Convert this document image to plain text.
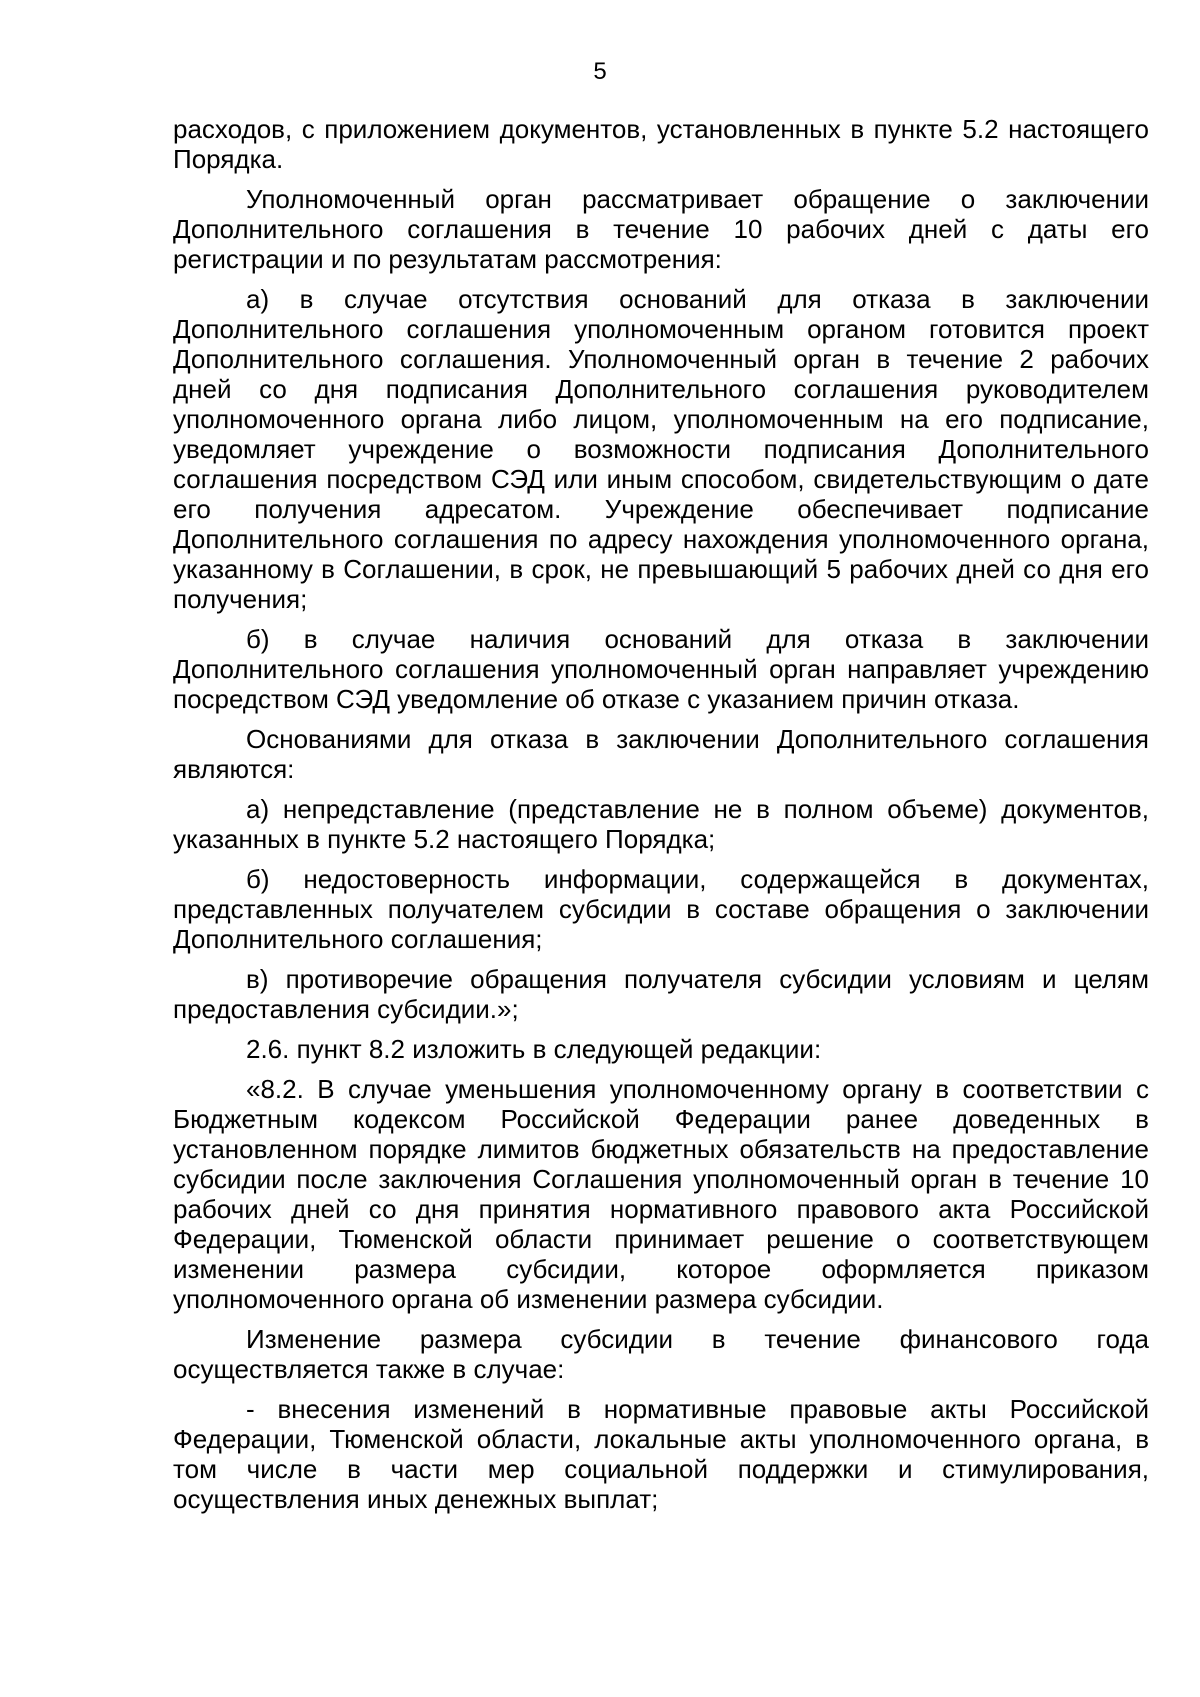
5

расходов, с приложением документов, установленных в пункте 5.2 настоящего Порядка.

Уполномоченный орган рассматривает обращение о заключении Дополнительного соглашения в течение 10 рабочих дней с даты его регистрации и по результатам рассмотрения:

а) в случае отсутствия оснований для отказа в заключении Дополнительного соглашения уполномоченным органом готовится проект Дополнительного соглашения. Уполномоченный орган в течение 2 рабочих дней со дня подписания Дополнительного соглашения руководителем уполномоченного органа либо лицом, уполномоченным на его подписание, уведомляет учреждение о возможности подписания Дополнительного соглашения посредством СЭД или иным способом, свидетельствующим о дате его получения адресатом. Учреждение обеспечивает подписание Дополнительного соглашения по адресу нахождения уполномоченного органа, указанному в Соглашении, в срок, не превышающий 5 рабочих дней со дня его получения;

б) в случае наличия оснований для отказа в заключении Дополнительного соглашения уполномоченный орган направляет учреждению посредством СЭД уведомление об отказе с указанием причин отказа.

Основаниями для отказа в заключении Дополнительного соглашения являются:

а) непредставление (представление не в полном объеме) документов, указанных в пункте 5.2 настоящего Порядка;

б) недостоверность информации, содержащейся в документах, представленных получателем субсидии в составе обращения о заключении Дополнительного соглашения;

в) противоречие обращения получателя субсидии условиям и целям предоставления субсидии.»;

2.6. пункт 8.2 изложить в следующей редакции:

«8.2. В случае уменьшения уполномоченному органу в соответствии с Бюджетным кодексом Российской Федерации ранее доведенных в установленном порядке лимитов бюджетных обязательств на предоставление субсидии после заключения Соглашения уполномоченный орган в течение 10 рабочих дней со дня принятия нормативного правового акта Российской Федерации, Тюменской области принимает решение о соответствующем изменении размера субсидии, которое оформляется приказом уполномоченного органа об изменении размера субсидии.

Изменение размера субсидии в течение финансового года осуществляется также в случае:

- внесения изменений в нормативные правовые акты Российской Федерации, Тюменской области, локальные акты уполномоченного органа, в том числе в части мер социальной поддержки и стимулирования, осуществления иных денежных выплат;
